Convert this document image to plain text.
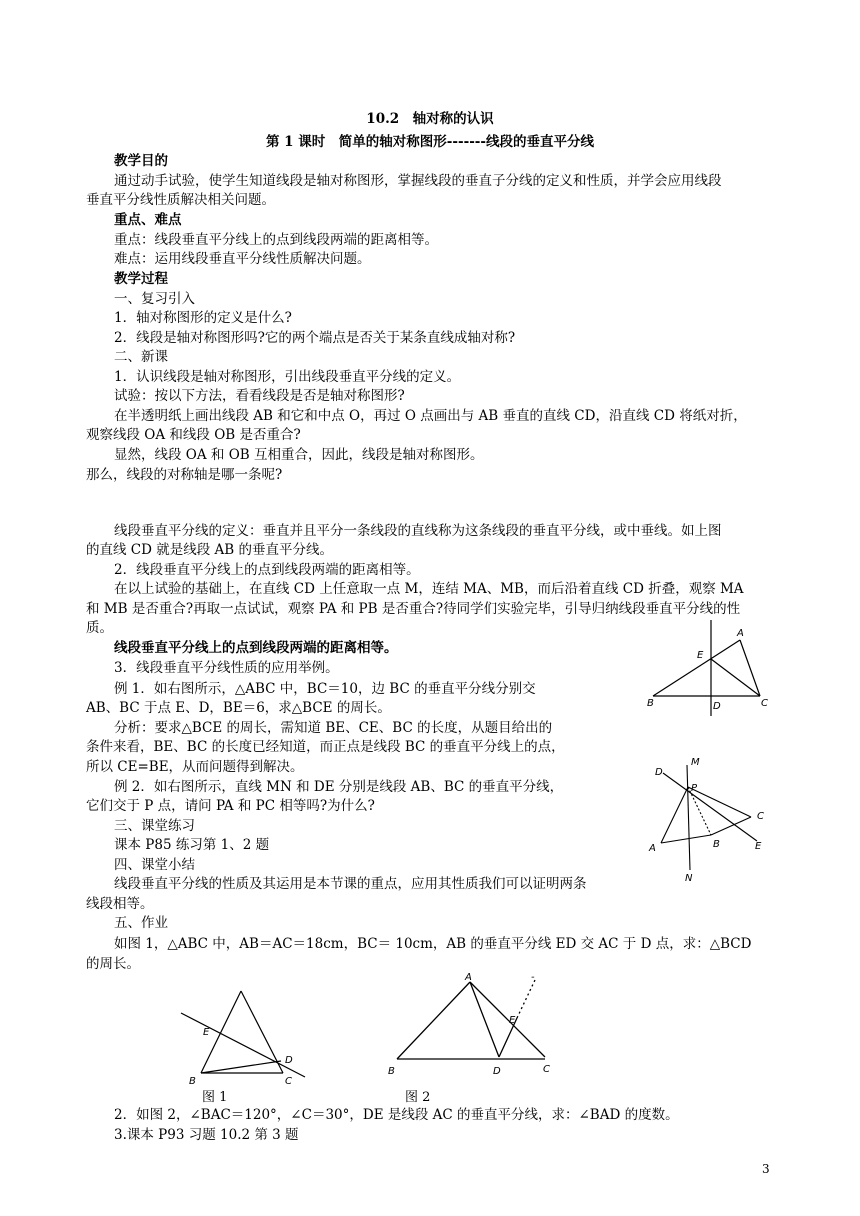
10.2　轴对称的认识
第 1 课时　简单的轴对称图形-------线段的垂直平分线
教学目的
通过动手试验，使学生知道线段是轴对称图形，掌握线段的垂直子分线的定义和性质，并学会应用线段
垂直平分线性质解决相关问题。
重点、难点
重点：线段垂直平分线上的点到线段两端的距离相等。
难点：运用线段垂直平分线性质解决问题。
教学过程
一、复习引入
1．轴对称图形的定义是什么?
2．线段是轴对称图形吗?它的两个端点是否关于某条直线成轴对称?
二、新课
1．认识线段是轴对称图形，引出线段垂直平分线的定义。
试验：按以下方法，看看线段是否是轴对称图形?
在半透明纸上画出线段 AB 和它和中点 O，再过 O 点画出与 AB 垂直的直线 CD，沿直线 CD 将纸对折，
观察线段 OA 和线段 OB 是否重合?
显然，线段 OA 和 OB 互相重合，因此，线段是轴对称图形。
那么，线段的对称轴是哪一条呢?
线段垂直平分线的定义：垂直并且平分一条线段的直线称为这条线段的垂直平分线，或中垂线。如上图
的直线 CD 就是线段 AB 的垂直平分线。
2．线段垂直平分线上的点到线段两端的距离相等。
在以上试验的基础上，在直线 CD 上任意取一点 M，连结 MA、MB，而后沿着直线 CD 折叠，观察 MA
和 MB 是否重合?再取一点试试，观察 PA 和 PB 是否重合?待同学们实验完毕，引导归纳线段垂直平分线的性
质。
线段垂直平分线上的点到线段两端的距离相等。
3．线段垂直平分线性质的应用举例。
例 1．如右图所示，△ABC 中，BC＝10，边 BC 的垂直平分线分别交
AB、BC 于点 E、D，BE＝6，求△BCE 的周长。
分析：要求△BCE 的周长，需知道 BE、CE、BC 的长度，从题目给出的
条件来看，BE、BC 的长度已经知道，而正点是线段 BC 的垂直平分线上的点，
所以 CE=BE，从而问题得到解决。
例 2．如右图所示，直线 MN 和 DE 分别是线段 AB、BC 的垂直平分线，
它们交于 P 点，请问 PA 和 PC 相等吗?为什么?
三、课堂练习
课本 P85 练习第 1、2 题
四、课堂小结
线段垂直平分线的性质及其运用是本节课的重点，应用其性质我们可以证明两条
线段相等。
五、作业
如图 1，△ABC 中，AB＝AC＝18cm，BC＝ 10cm，AB 的垂直平分线 ED 交 AC 于 D 点，求：△BCD
的周长。
2．如图 2，∠BAC＝120°，∠C＝30°，DE 是线段 AC 的垂直平分线，求：∠BAD 的度数。
3.课本 P93 习题 10.2 第 3 题
A
E
B	D	C
M
D
P
C
A	B	E
N
E
D
B	C
图 1
A
E
B	D	C
-
图 2
3
